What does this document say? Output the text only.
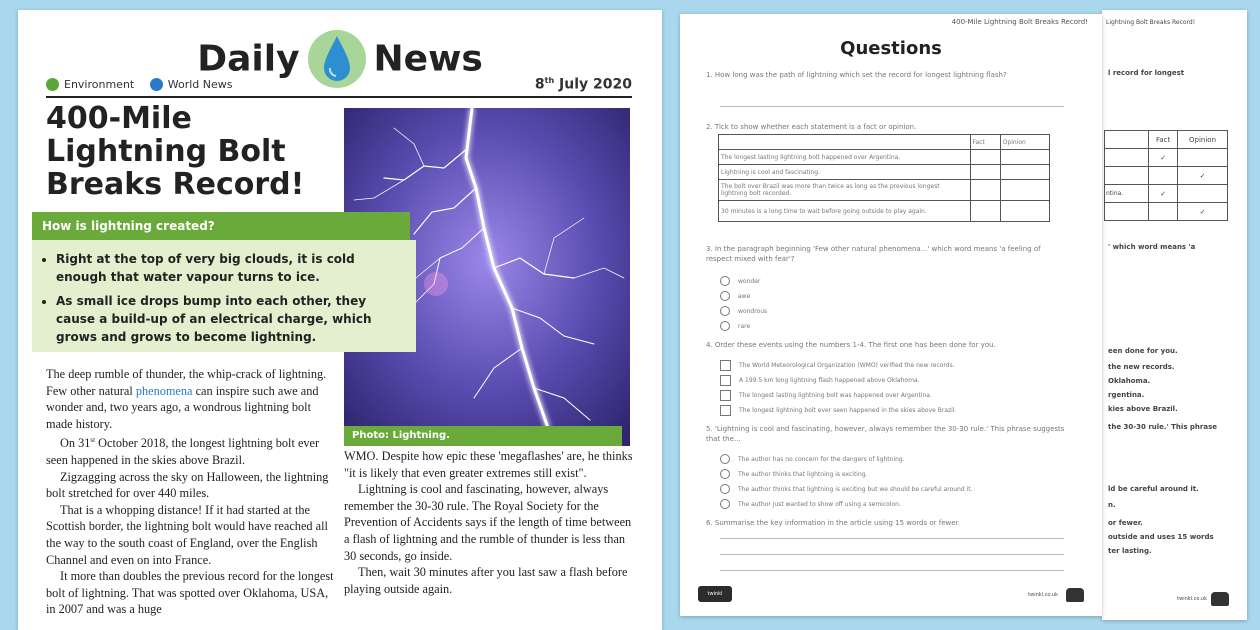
Daily News
Environment
	World News	8th July 2020
400-Mile
Lightning Bolt
Breaks Record!
Photo: Lightning.
How is lightning created?
• Right at the top of very big clouds, it is cold enough that water vapour turns to ice.
• As small ice drops bump into each other, they cause a build-up of an electrical charge, which grows and grows to become lightning.

The deep rumble of thunder, the whip-crack of lightning. Few other natural phenomena can inspire such awe and wonder and, two years ago, a wondrous lightning bolt made history.

On 31st October 2018, the longest lightning bolt ever seen happened in the skies above Brazil.

Zigzagging across the sky on Halloween, the lightning bolt stretched for over 440 miles.

That is a whopping distance! If it had started at the Scottish border, the lightning bolt would have reached all the way to the south coast of England, over the English Channel and even on into France.

It more than doubles the previous record for the longest bolt of lightning. That was spotted over Oklahoma, USA, in 2007 and was a huge

WMO. Despite how epic these 'megaflashes' are, he thinks "it is likely that even greater extremes still exist".

Lightning is cool and fascinating, however, always remember the 30-30 rule. The Royal Society for the Prevention of Accidents says if the length of time between a flash of lightning and the rumble of thunder is less than 30 seconds, go inside.

Then, wait 30 minutes after you last saw a flash before playing outside again.

Lightning Bolt Breaks Record!
l record for longest
	Fact	Opinion
	✓	
		✓
ntina.	✓	
		✓
' which word means 'a
een done for you.
the new records.
Oklahoma.
rgentina.
kies above Brazil.
the 30-30 rule.' This phrase
ld be careful around it.
n.
or fewer.
outside and uses 15 words
ter lasting.
twinkl.co.uk
400-Mile Lightning Bolt Breaks Record!
Questions
1. How long was the path of lightning which set the record for longest lightning flash?
2. Tick to show whether each statement is a fact or opinion.
	Fact	Opinion
The longest lasting lightning bolt happened over Argentina.		
Lightning is cool and fascinating.		
The bolt over Brazil was more than twice as long as the previous longest lightning bolt recorded.		
30 minutes is a long time to wait before going outside to play again.		
3. In the paragraph beginning 'Few other natural phenomena...' which word means 'a feeling of respect mixed with fear'?
wonder
awe
wondrous
rare
4. Order these events using the numbers 1-4. The first one has been done for you.
The World Meteorological Organization (WMO) verified the new records.
A 199.5 km long lightning flash happened above Oklahoma.
The longest lasting lightning bolt was happened over Argentina.
The longest lightning bolt ever seen happened in the skies above Brazil.
5. 'Lightning is cool and fascinating, however, always remember the 30-30 rule.' This phrase suggests that the...
The author has no concern for the dangers of lightning.
The author thinks that lightning is exciting.
The author thinks that lightning is exciting but we should be careful around it.
The author just wanted to show off using a semicolon.
6. Summarise the key information in the article using 15 words or fewer.
twinkl	twinkl.co.uk
